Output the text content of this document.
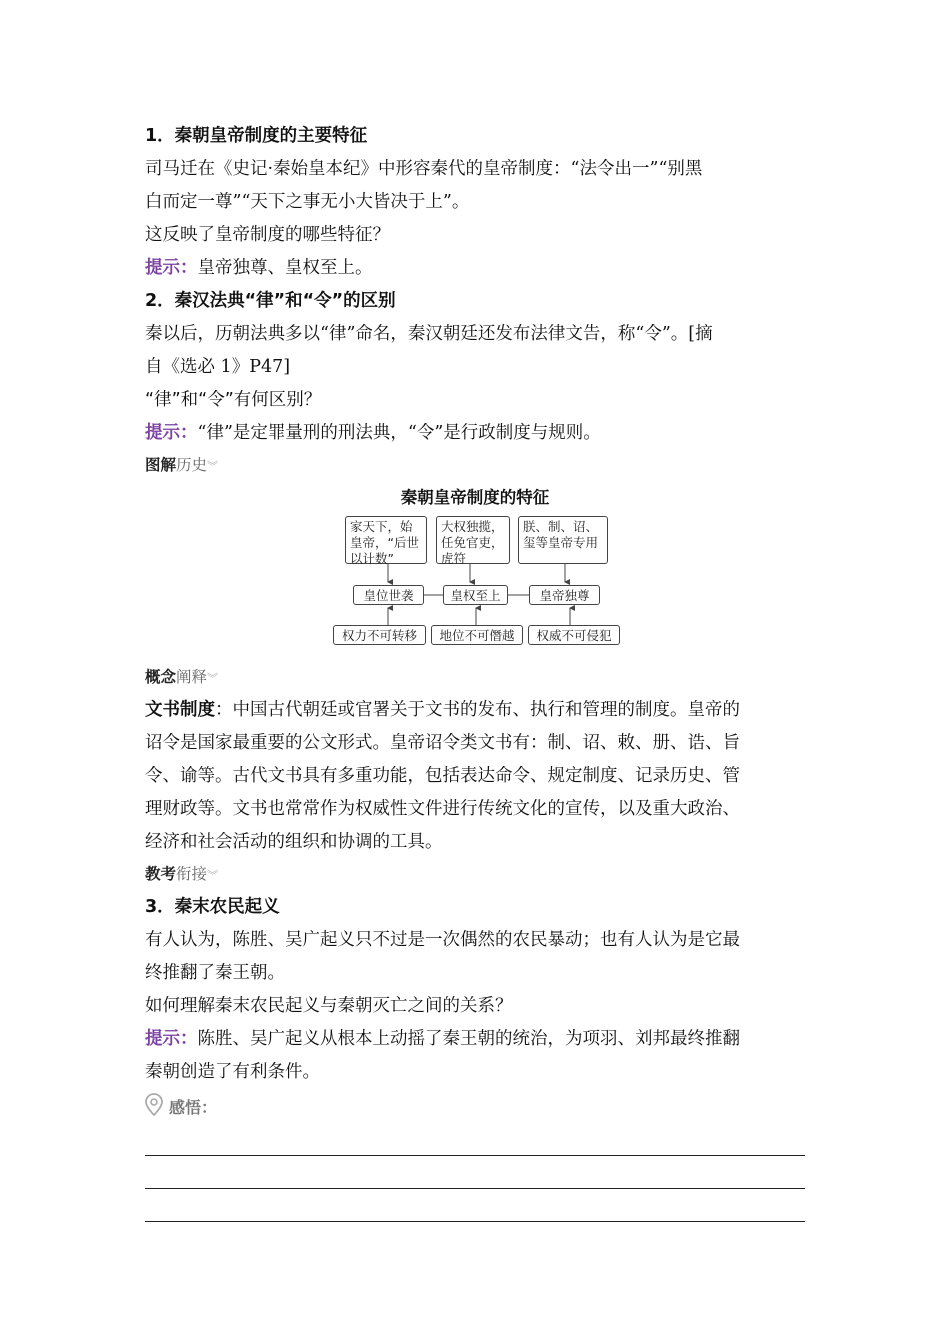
1．秦朝皇帝制度的主要特征
司马迁在《史记·秦始皇本纪》中形容秦代的皇帝制度：“法令出一”“别黑
白而定一尊”“天下之事无小大皆决于上”。
这反映了皇帝制度的哪些特征？
提示：皇帝独尊、皇权至上。
2．秦汉法典“律”和“令”的区别
秦以后，历朝法典多以“律”命名，秦汉朝廷还发布法律文告，称“令”。[摘
自《选必 1》P47]
“律”和“令”有何区别？
提示：“律”是定罪量刑的刑法典，“令”是行政制度与规则。
图解历史︾
秦朝皇帝制度的特征
家天下，始皇帝，“后世以计数”
大权独揽，任免官吏，虎符
朕、制、诏、玺等皇帝专用
皇位世袭	皇权至上	皇帝独尊
权力不可转移	地位不可僭越	权威不可侵犯
概念阐释︾
文书制度：中国古代朝廷或官署关于文书的发布、执行和管理的制度。皇帝的
诏令是国家最重要的公文形式。皇帝诏令类文书有：制、诏、敕、册、诰、旨
令、谕等。古代文书具有多重功能，包括表达命令、规定制度、记录历史、管
理财政等。文书也常常作为权威性文件进行传统文化的宣传，以及重大政治、
经济和社会活动的组织和协调的工具。
教考衔接︾
3．秦末农民起义
有人认为，陈胜、吴广起义只不过是一次偶然的农民暴动；也有人认为是它最
终推翻了秦王朝。
如何理解秦末农民起义与秦朝灭亡之间的关系？
提示：陈胜、吴广起义从根本上动摇了秦王朝的统治，为项羽、刘邦最终推翻
秦朝创造了有利条件。
感悟：
